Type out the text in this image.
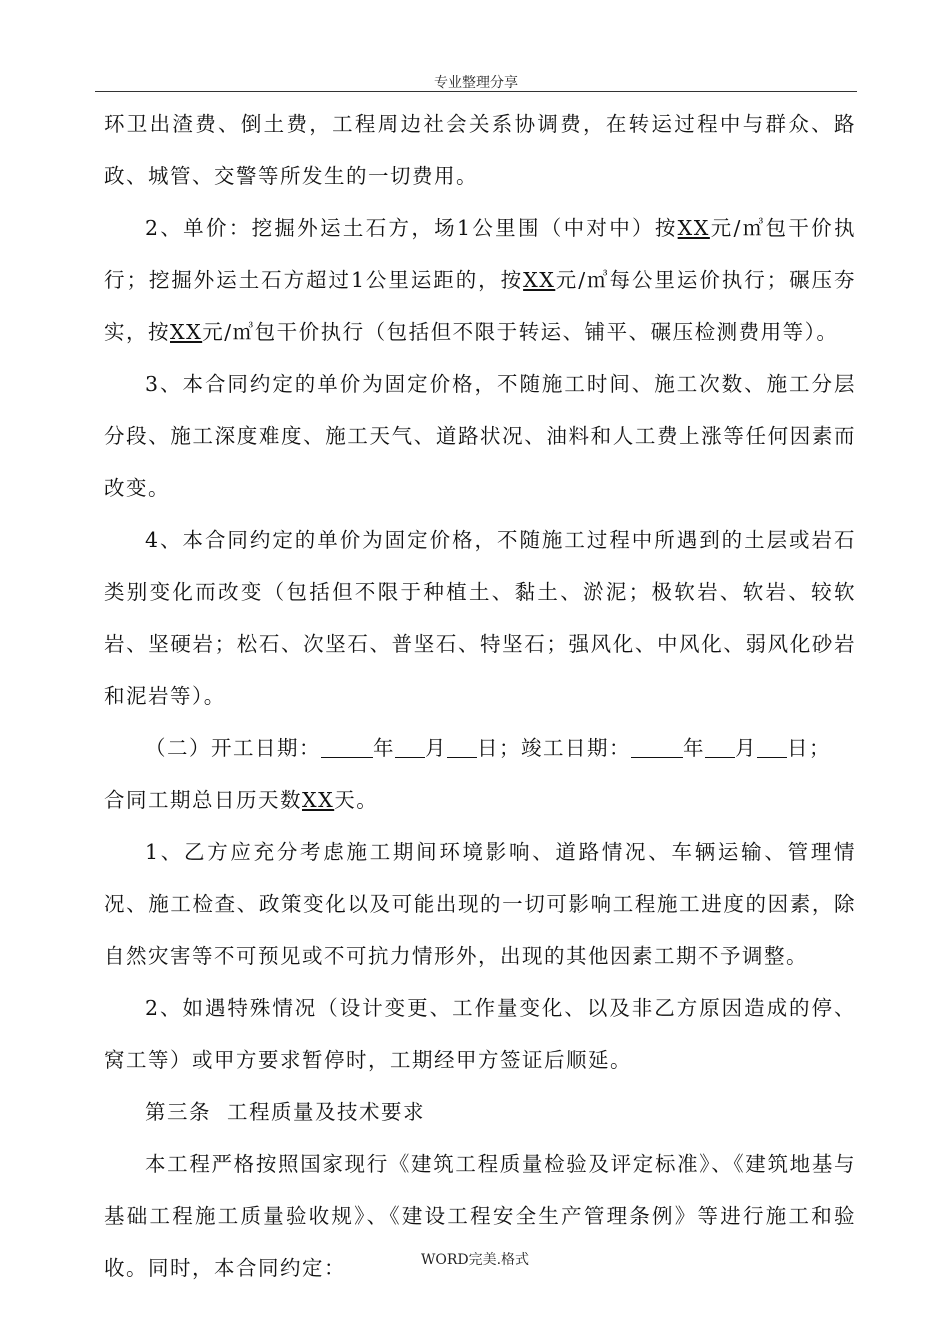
专业整理分享

环卫出渣费、倒土费，工程周边社会关系协调费，在转运过程中与群众、路政、城管、交警等所发生的一切费用。

2、单价：挖掘外运土石方，场1公里围（中对中）按XX元/㎥包干价执行；挖掘外运土石方超过1公里运距的，按XX元/㎥每公里运价执行；碾压夯实，按XX元/㎥包干价执行（包括但不限于转运、铺平、碾压检测费用等）。

3、本合同约定的单价为固定价格，不随施工时间、施工次数、施工分层分段、施工深度难度、施工天气、道路状况、油料和人工费上涨等任何因素而改变。

4、本合同约定的单价为固定价格，不随施工过程中所遇到的土层或岩石类别变化而改变（包括但不限于种植土、黏土、淤泥；极软岩、软岩、较软岩、坚硬岩；松石、次坚石、普坚石、特坚石；强风化、中风化、弱风化砂岩和泥岩等）。

（二）开工日期：	年 月 日；竣工日期：	年 月 日；

合同工期总日历天数XX天。

1、乙方应充分考虑施工期间环境影响、道路情况、车辆运输、管理情况、施工检查、政策变化以及可能出现的一切可影响工程施工进度的因素，除自然灾害等不可预见或不可抗力情形外，出现的其他因素工期不予调整。

2、如遇特殊情况（设计变更、工作量变化、以及非乙方原因造成的停、窝工等）或甲方要求暂停时，工期经甲方签证后顺延。

第三条  工程质量及技术要求

本工程严格按照国家现行《建筑工程质量检验及评定标准》、《建筑地基与基础工程施工质量验收规》、《建设工程安全生产管理条例》等进行施工和验收。同时，本合同约定：	WORD完美.格式
